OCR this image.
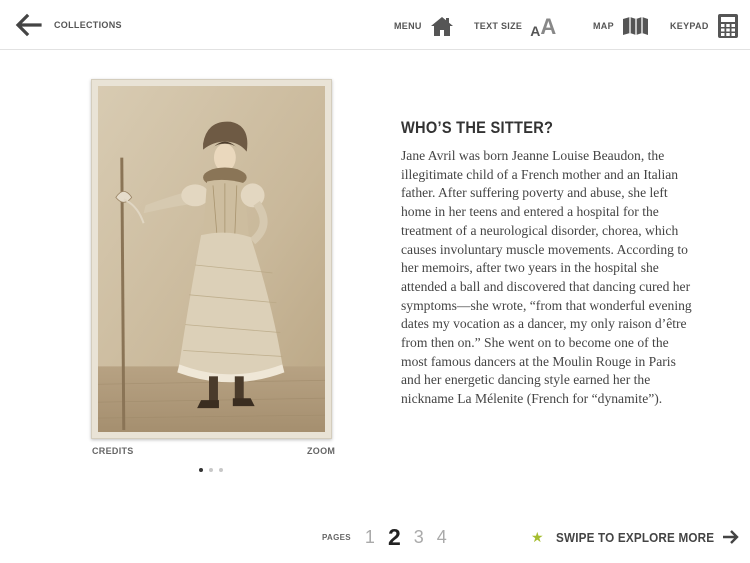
COLLECTIONS	MENU	TEXT SIZE A A	MAP	KEYPAD
CREDITS	ZOOM
WHO’S THE SITTER?

Jane Avril was born Jeanne Louise Beaudon, the illegitimate child of a French mother and an Italian father. After suffering poverty and abuse, she left home in her teens and entered a hospital for the treatment of a neurological disorder, chorea, which causes involuntary muscle movements. According to her memoirs, after two years in the hospital she attended a ball and discovered that dancing cured her symptoms—she wrote, “from that wonderful evening dates my vocation as a dancer, my only raison d’être from then on.” She went on to become one of the most famous dancers at the Moulin Rouge in Paris and her energetic dancing style earned her the nickname La Mélenite (French for “dynamite”).

PAGES 1 2 3 4	★ SWIPE TO EXPLORE MORE
